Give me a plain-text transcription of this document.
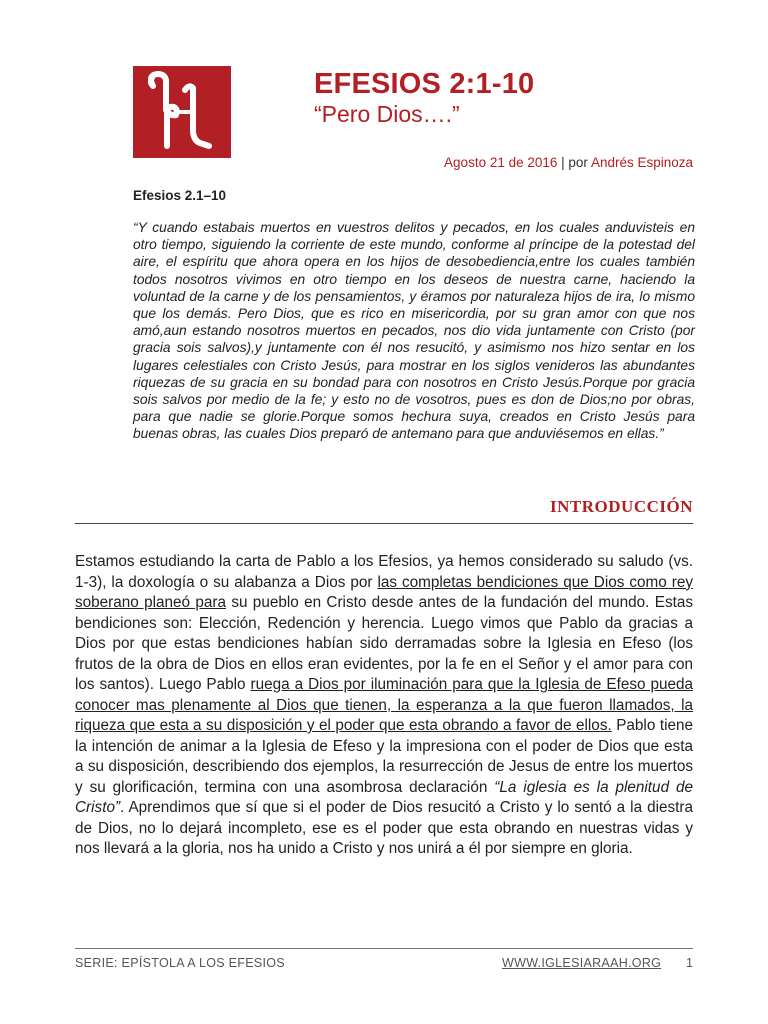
EFESIOS 2:1-10

“Pero Dios….”

Agosto 21 de 2016 | por Andrés Espinoza

Efesios 2.1–10

“Y cuando estabais muertos en vuestros delitos y pecados, en los cuales anduvisteis en otro tiempo, siguiendo la corriente de este mundo, conforme al príncipe de la potestad del aire, el espíritu que ahora opera en los hijos de desobediencia,entre los cuales también todos nosotros vivimos en otro tiempo en los deseos de nuestra carne, haciendo la voluntad de la carne y de los pensamientos, y éramos por naturaleza hijos de ira, lo mismo que los demás. Pero Dios, que es rico en misericordia, por su gran amor con que nos amó,aun estando nosotros muertos en pecados, nos dio vida juntamente con Cristo (por gracia sois salvos),y juntamente con él nos resucitó, y asimismo nos hizo sentar en los lugares celestiales con Cristo Jesús, para mostrar en los siglos venideros las abundantes riquezas de su gracia en su bondad para con nosotros en Cristo Jesús.Porque por gracia sois salvos por medio de la fe; y esto no de vosotros, pues es don de Dios;no por obras, para que nadie se glorie.Porque somos hechura suya, creados en Cristo Jesús para buenas obras, las cuales Dios preparó de antemano para que anduviésemos en ellas.”

INTRODUCCIÓN

Estamos estudiando la carta de Pablo a los Efesios, ya hemos considerado su saludo (vs. 1-3), la doxología o su alabanza a Dios por las completas bendiciones que Dios como rey soberano planeó para su pueblo en Cristo desde antes de la fundación del mundo. Estas bendiciones son: Elección, Redención y herencia. Luego vimos que Pablo da gracias a Dios por que estas bendiciones habían sido derramadas sobre la Iglesia en Efeso (los frutos de la obra de Dios en ellos eran evidentes, por la fe en el Señor y el amor para con los santos). Luego Pablo ruega a Dios por iluminación para que la Iglesia de Efeso pueda conocer mas plenamente al Dios que tienen, la esperanza a la que fueron llamados, la riqueza que esta a su disposición y el poder que esta obrando a favor de ellos. Pablo tiene la intención de animar a la Iglesia de Efeso y la impresiona con el poder de Dios que esta a su disposición, describiendo dos ejemplos, la resurrección de Jesus de entre los muertos y su glorificación, termina con una asombrosa declaración “La iglesia es la plenitud de Cristo”. Aprendimos que sí que si el poder de Dios resucitó a Cristo y lo sentó a la diestra de Dios, no lo dejará incompleto, ese es el poder que esta obrando en nuestras vidas y nos llevará a la gloria, nos ha unido a Cristo y nos unirá a él por siempre en gloria.

SERIE: EPÍSTOLA A LOS EFESIOS	WWW.IGLESIARAAH.ORG 1
